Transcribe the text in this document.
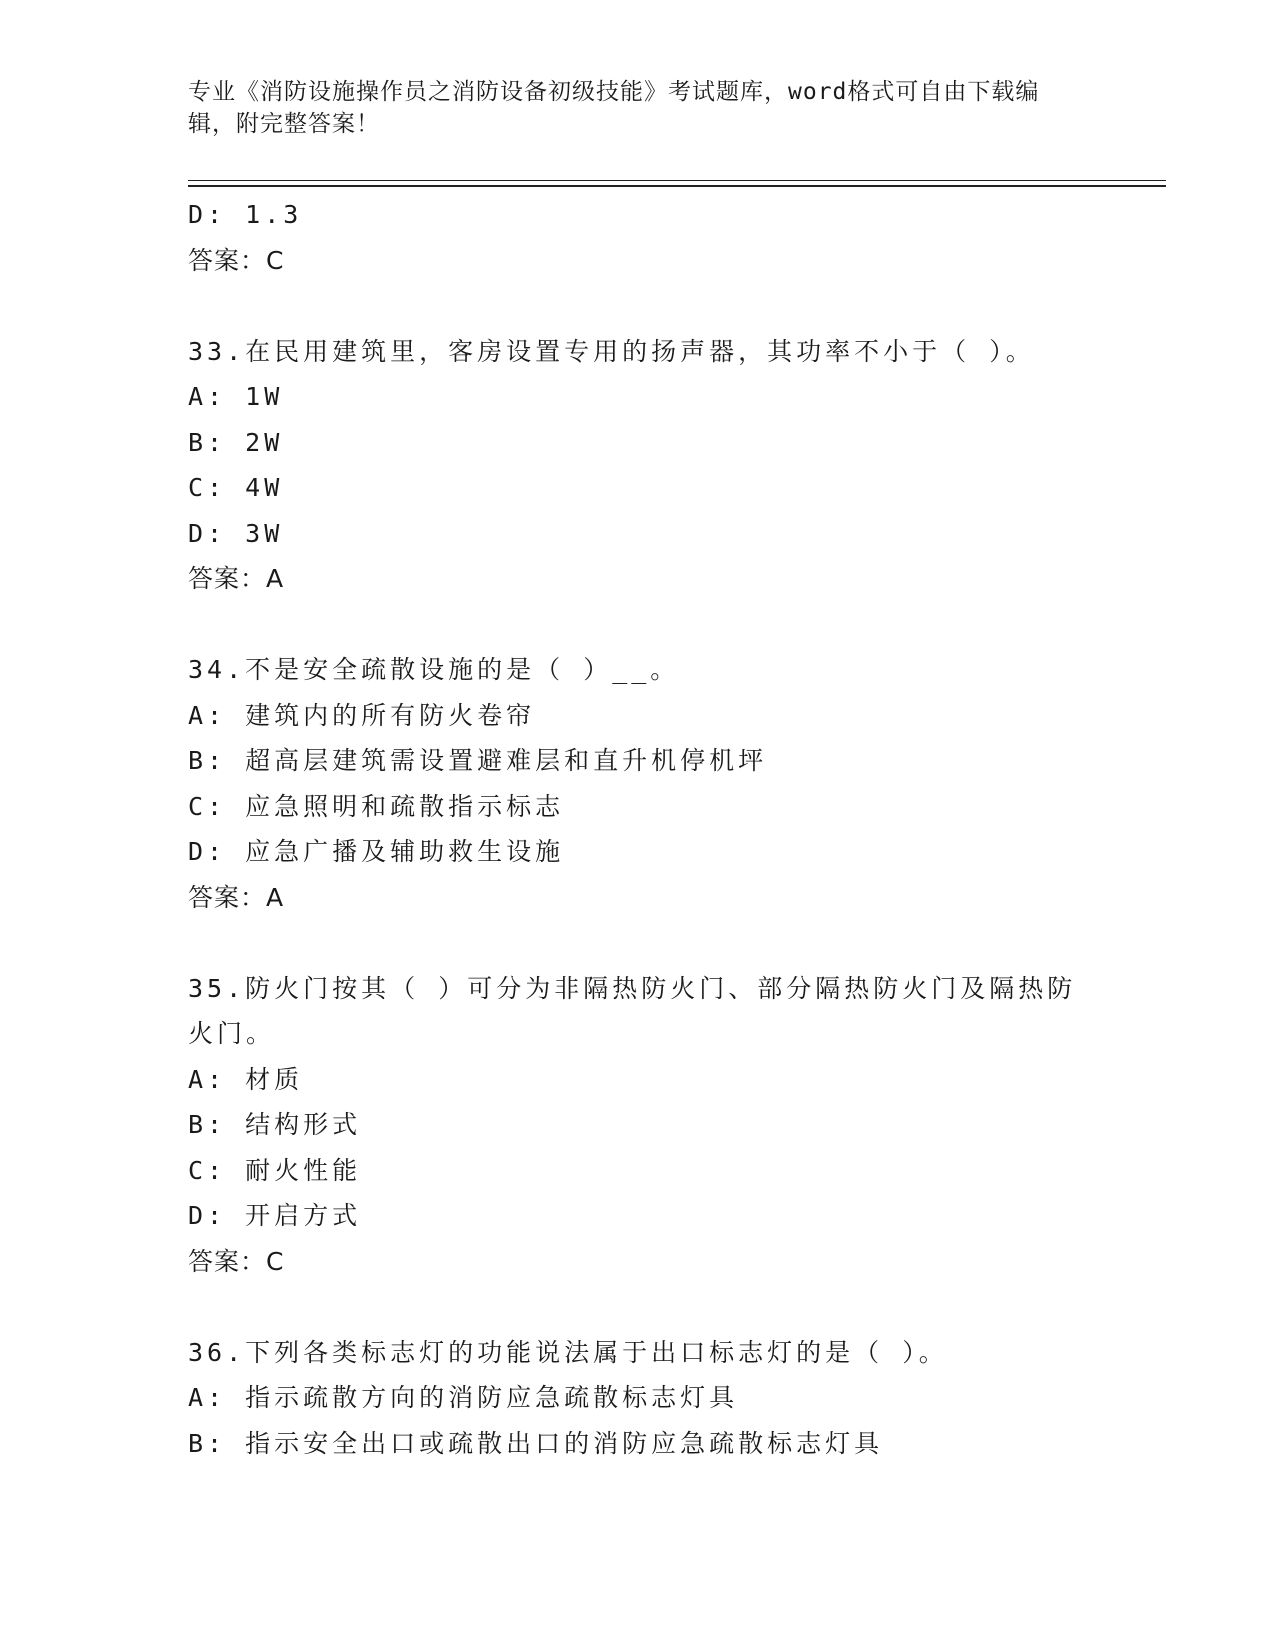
专业《消防设施操作员之消防设备初级技能》考试题库，word格式可自由下载编
辑，附完整答案！
D: 1.3
答案：C
33.在民用建筑里，客房设置专用的扬声器，其功率不小于（ ）。
A: 1W
B: 2W
C: 4W
D: 3W
答案：A
34.不是安全疏散设施的是（ ）__。
A: 建筑内的所有防火卷帘
B: 超高层建筑需设置避难层和直升机停机坪
C: 应急照明和疏散指示标志
D: 应急广播及辅助救生设施
答案：A
35.防火门按其（ ）可分为非隔热防火门、部分隔热防火门及隔热防
火门。
A: 材质
B: 结构形式
C: 耐火性能
D: 开启方式
答案：C
36.下列各类标志灯的功能说法属于出口标志灯的是（ ）。
A: 指示疏散方向的消防应急疏散标志灯具
B: 指示安全出口或疏散出口的消防应急疏散标志灯具
